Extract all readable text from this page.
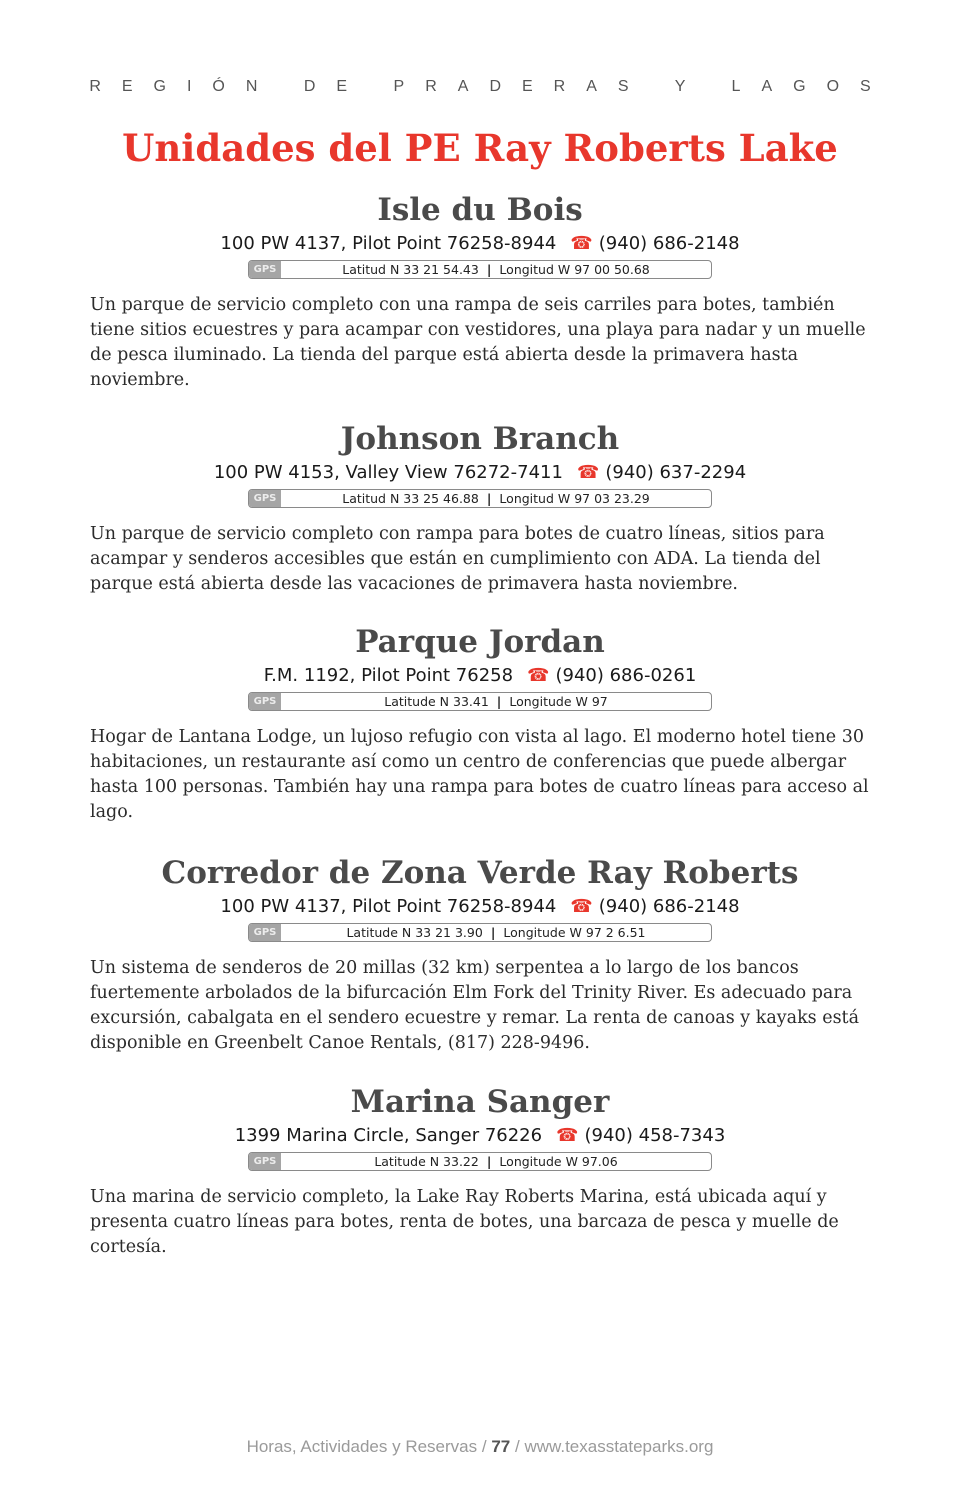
REGIÓN DE PRADERAS Y LAGOS
Unidades del PE Ray Roberts Lake
Isle du Bois
100 PW 4137, Pilot Point 76258-8944 ☎ (940) 686-2148
GPS	Latitud N 33 21 54.43 | Longitud W 97 00 50.68

Un parque de servicio completo con una rampa de seis carriles para botes, también tiene sitios ecuestres y para acampar con vestidores, una playa para nadar y un muelle de pesca iluminado. La tienda del parque está abierta desde la primavera hasta noviembre.

Johnson Branch
100 PW 4153, Valley View 76272-7411 ☎ (940) 637-2294
GPS	Latitud N 33 25 46.88 | Longitud W 97 03 23.29

Un parque de servicio completo con rampa para botes de cuatro líneas, sitios para acampar y senderos accesibles que están en cumplimiento con ADA. La tienda del parque está abierta desde las vacaciones de primavera hasta noviembre.

Parque Jordan
F.M. 1192, Pilot Point 76258 ☎ (940) 686-0261
GPS	Latitude N 33.41 | Longitude W 97

Hogar de Lantana Lodge, un lujoso refugio con vista al lago. El moderno hotel tiene 30 habitaciones, un restaurante así como un centro de conferencias que puede albergar hasta 100 personas. También hay una rampa para botes de cuatro líneas para acceso al lago.

Corredor de Zona Verde Ray Roberts
100 PW 4137, Pilot Point 76258-8944 ☎ (940) 686-2148
GPS	Latitude N 33 21 3.90 | Longitude W 97 2 6.51

Un sistema de senderos de 20 millas (32 km) serpentea a lo largo de los bancos fuertemente arbolados de la bifurcación Elm Fork del Trinity River. Es adecuado para excursión, cabalgata en el sendero ecuestre y remar. La renta de canoas y kayaks está disponible en Greenbelt Canoe Rentals, (817) 228-9496.

Marina Sanger
1399 Marina Circle, Sanger 76226 ☎ (940) 458-7343
GPS	Latitude N 33.22 | Longitude W 97.06

Una marina de servicio completo, la Lake Ray Roberts Marina, está ubicada aquí y presenta cuatro líneas para botes, renta de botes, una barcaza de pesca y muelle de cortesía.

Horas, Actividades y Reservas / 77 / www.texasstateparks.org
